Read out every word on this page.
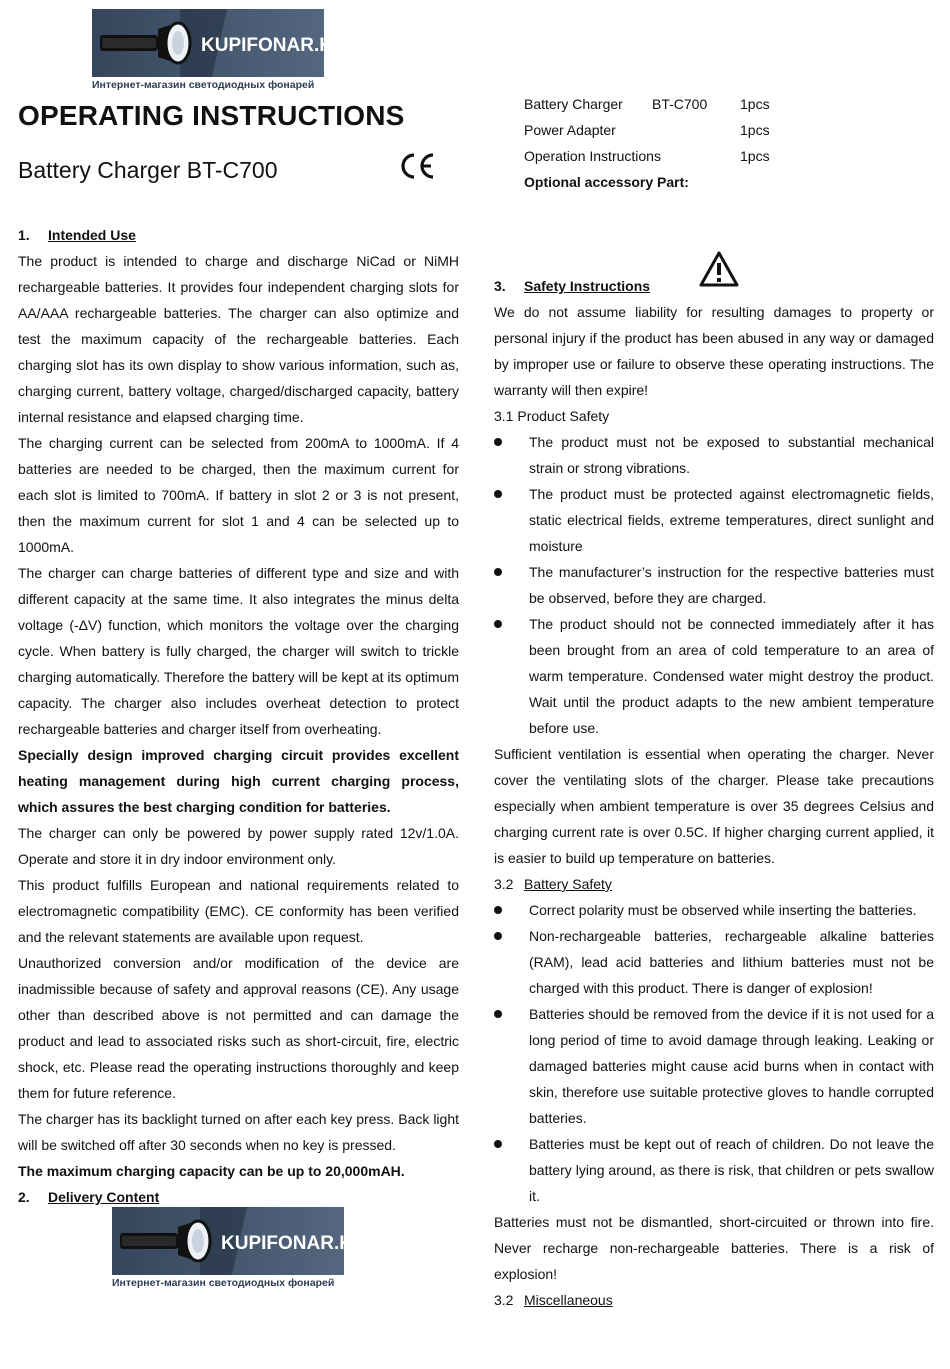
KUPIFONAR.KZ
Интернет-магазин светодиодных фонарей
OPERATING INSTRUCTIONS
Battery Charger BT-C700
Battery Charger BT-C700 1pcs
Power Adapter	1pcs
Operation Instructions	1pcs
Optional accessory Part:
1. Intended Use

The product is intended to charge and discharge NiCad or NiMH rechargeable batteries. It provides four independent charging slots for AA/AAA rechargeable batteries. The charger can also optimize and test the maximum capacity of the rechargeable batteries. Each charging slot has its own display to show various information, such as, charging current, battery voltage, charged/discharged capacity, battery internal resistance and elapsed charging time.

The charging current can be selected from 200mA to 1000mA. If 4 batteries are needed to be charged, then the maximum current for each slot is limited to 700mA. If battery in slot 2 or 3 is not present, then the maximum current for slot 1 and 4 can be selected up to 1000mA.

The charger can charge batteries of different type and size and with different capacity at the same time. It also integrates the minus delta voltage (-ΔV) function, which monitors the voltage over the charging cycle. When battery is fully charged, the charger will switch to trickle charging automatically. Therefore the battery will be kept at its optimum capacity. The charger also includes overheat detection to protect rechargeable batteries and charger itself from overheating.

Specially design improved charging circuit provides excellent heating management during high current charging process, which assures the best charging condition for batteries.

The charger can only be powered by power supply rated 12v/1.0A. Operate and store it in dry indoor environment only.

This product fulfills European and national requirements related to electromagnetic compatibility (EMC). CE conformity has been verified and the relevant statements are available upon request.

Unauthorized conversion and/or modification of the device are inadmissible because of safety and approval reasons (CE). Any usage other than described above is not permitted and can damage the product and lead to associated risks such as short-circuit, fire, electric shock, etc. Please read the operating instructions thoroughly and keep them for future reference.

The charger has its backlight turned on after each key press. Back light will be switched off after 30 seconds when no key is pressed.

The maximum charging capacity can be up to 20,000mAH.

2. Delivery Content
3. Safety Instructions

We do not assume liability for resulting damages to property or personal injury if the product has been abused in any way or damaged by improper use or failure to observe these operating instructions. The warranty will then expire!

3.1 Product Safety

The product must not be exposed to substantial mechanical strain or strong vibrations.

The product must be protected against electromagnetic fields, static electrical fields, extreme temperatures, direct sunlight and moisture

The manufacturer’s instruction for the respective batteries must be observed, before they are charged.

The product should not be connected immediately after it has been brought from an area of cold temperature to an area of warm temperature. Condensed water might destroy the product. Wait until the product adapts to the new ambient temperature before use.

Sufficient ventilation is essential when operating the charger. Never cover the ventilating slots of the charger. Please take precautions especially when ambient temperature is over 35 degrees Celsius and charging current rate is over 0.5C. If higher charging current applied, it is easier to build up temperature on batteries.

3.2 Battery Safety

Correct polarity must be observed while inserting the batteries.

Non-rechargeable batteries, rechargeable alkaline batteries (RAM), lead acid batteries and lithium batteries must not be charged with this product. There is danger of explosion!

Batteries should be removed from the device if it is not used for a long period of time to avoid damage through leaking. Leaking or damaged batteries might cause acid burns when in contact with skin, therefore use suitable protective gloves to handle corrupted batteries.

Batteries must be kept out of reach of children. Do not leave the battery lying around, as there is risk, that children or pets swallow it.

Batteries must not be dismantled, short-circuited or thrown into fire. Never recharge non-rechargeable batteries. There is a risk of explosion!

3.2 Miscellaneous
KUPIFONAR.KZ
Интернет-магазин светодиодных фонарей
